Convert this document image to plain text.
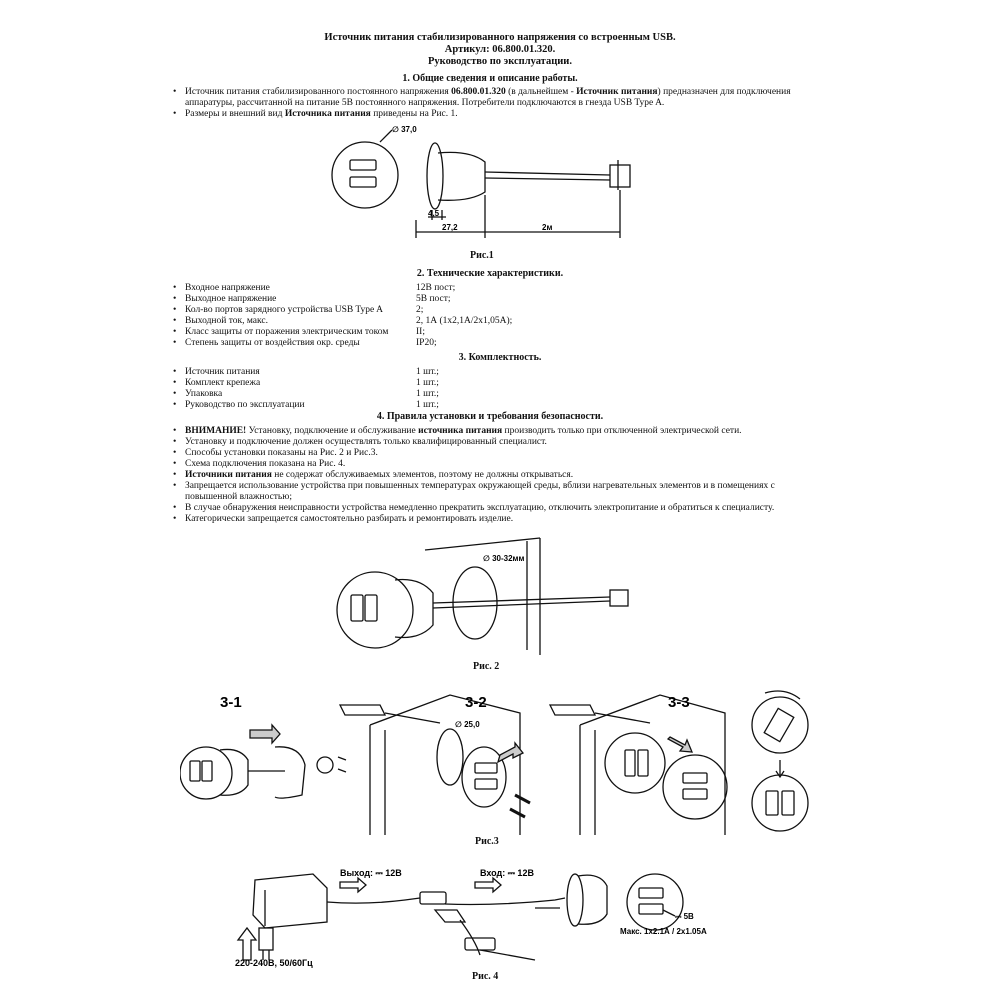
Источник питания стабилизированного напряжения со встроенным USB.
Артикул: 06.800.01.320.
Руководство по эксплуатации.
1. Общие сведения и описание работы.
• Источник питания стабилизированного постоянного напряжения 06.800.01.320 (в дальнейшем - Источник питания) предназначен для подключения
аппаратуры, рассчитанной на питание 5В постоянного напряжения. Потребители подключаются в гнезда USB Type A.
• Размеры и внешний вид Источника питания приведены на Рис. 1.
∅ 37,0
4,5
27,2	2м
Рис.1
2. Технические характеристики.
• Входное напряжение	12В пост;
• Выходное напряжение	5В пост;
• Кол-во портов зарядного устройства USB Type A	2;
• Выходной ток, макс.	2, 1А (1х2,1А/2х1,05А);
• Класс защиты от поражения электрическим током	II;
• Степень защиты от воздействия окр. среды	IP20;
3. Комплектность.
• Источник питания	1 шт.;
• Комплект крепежа	1 шт.;
• Упаковка	1 шт.;
• Руководство по эксплуатации	1 шт.;
4. Правила установки и требования безопасности.
• ВНИМАНИЕ! Установку, подключение и обслуживание источника питания производить только при отключенной электрической сети.
• Установку и подключение должен осуществлять только квалифицированный специалист.
• Способы установки показаны на Рис. 2 и Рис.3.
• Схема подключения показана на Рис. 4.
• Источники питания не содержат обслуживаемых элементов, поэтому не должны открываться.
• Запрещается использование устройства при повышенных температурах окружающей среды, вблизи нагревательных элементов и в помещениях с
повышенной влажностью;
• В случае обнаружения неисправности устройства немедленно прекратить эксплуатацию, отключить электропитание и обратиться к специалисту.
• Категорически запрещается самостоятельно разбирать и ремонтировать изделие.
∅ 30-32мм
Рис. 2
3-1	3-2	3-3
∅ 25,0
Рис.3
Выход: ⎓ 12В	Вход: ⎓ 12В
220-240В, 50/60Гц
⎓ 5В
Макс. 1х2.1А / 2х1.05А
Рис. 4
